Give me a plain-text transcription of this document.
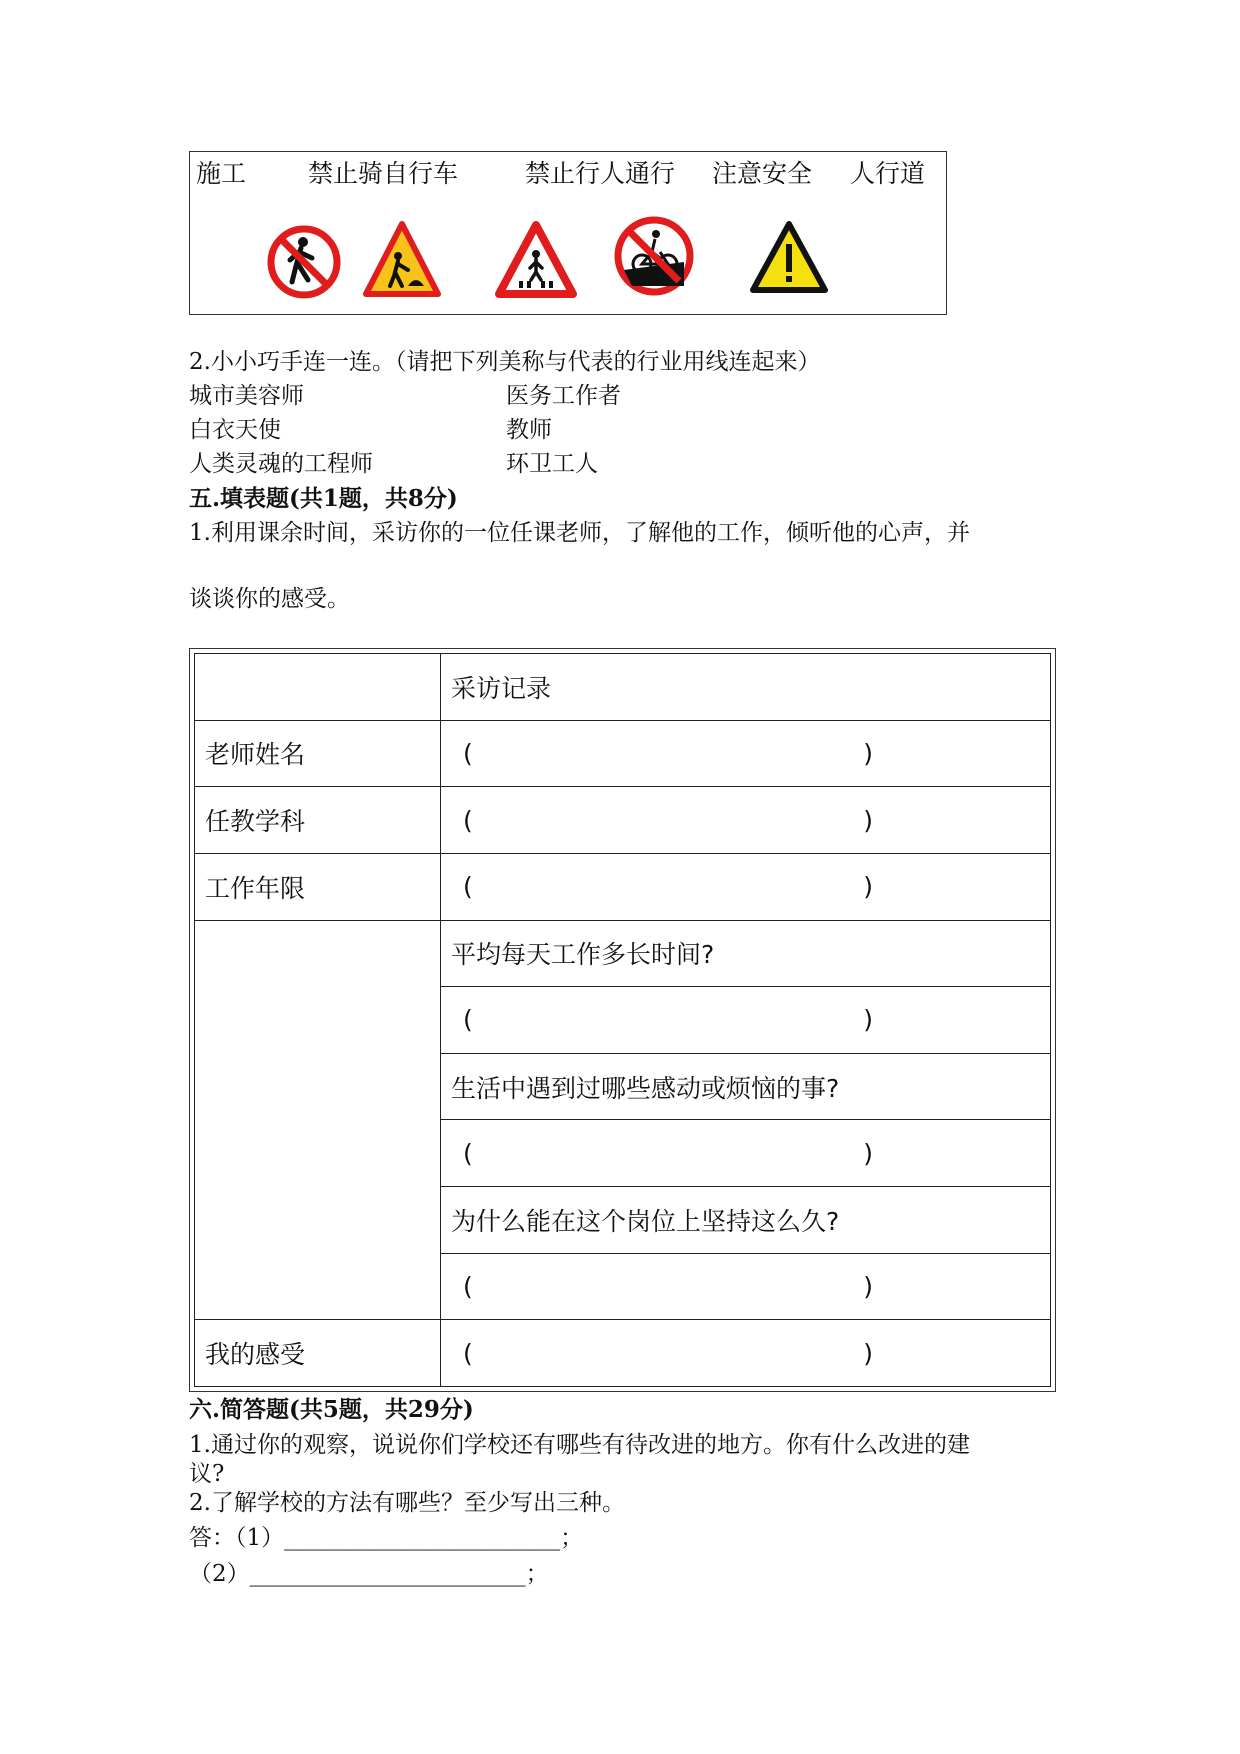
施工 禁止骑自行车	禁止行人通行 注意安全 人行道
2.小小巧手连一连。（请把下列美称与代表的行业用线连起来）
城市美容师
白衣天使
人类灵魂的工程师
医务工作者
教师
环卫工人
五.填表题(共1题，共8分)
1.利用课余时间，采访你的一位任课老师，了解他的工作，倾听他的心声，并
谈谈你的感受。
	采访记录
老师姓名	( )

任教学科	( )

工作年限	( )

	平均每天工作多长时间?

	( )

	生活中遇到过哪些感动或烦恼的事?

	( )

	为什么能在这个岗位上坚持这么久?

	( )

我的感受	( )
六.简答题(共5题，共29分)
1.通过你的观察，说说你们学校还有哪些有待改进的地方。你有什么改进的建
议?
2.了解学校的方法有哪些？至少写出三种。
答：（1）________________________；
（2）________________________；
